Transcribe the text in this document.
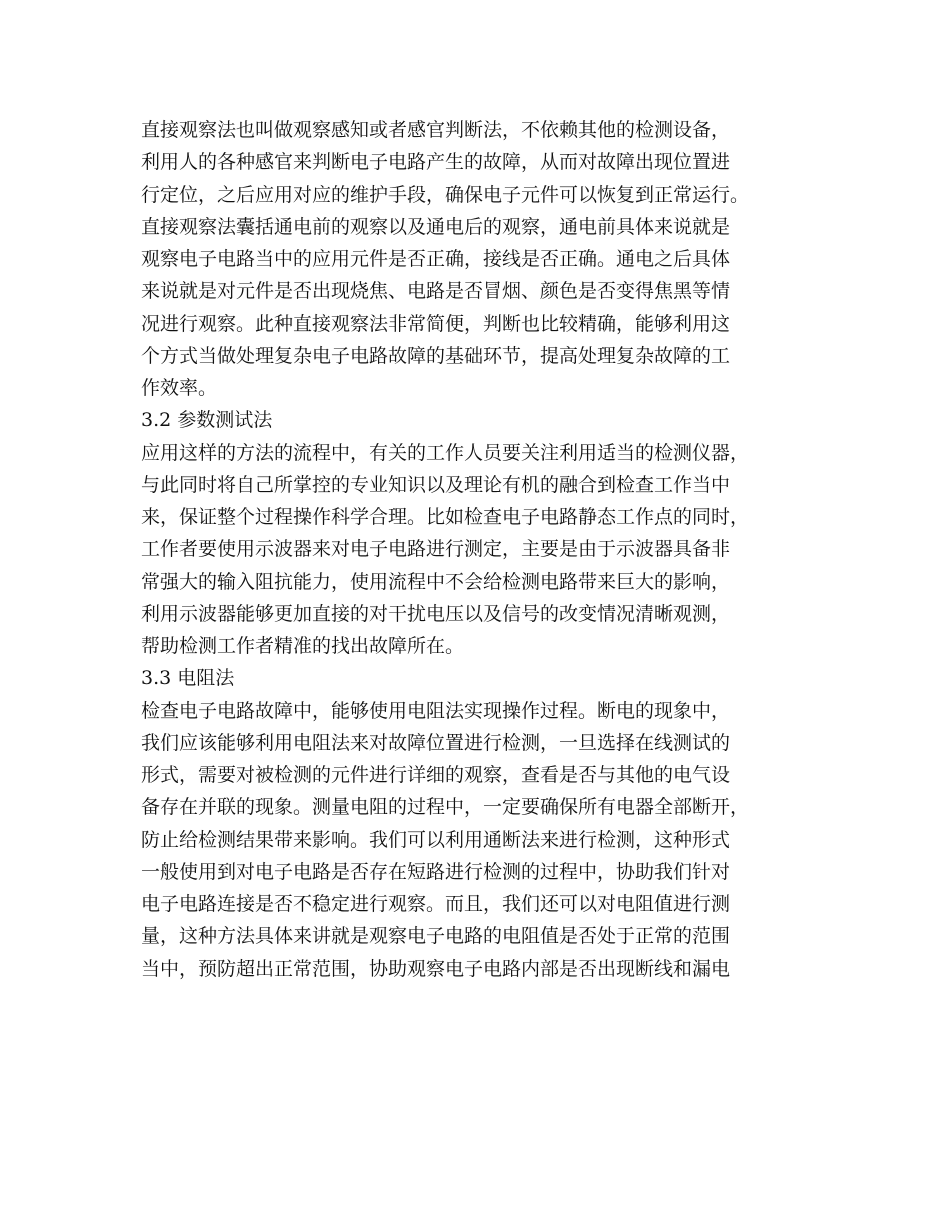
直接观察法也叫做观察感知或者感官判断法，不依赖其他的检测设备，
利用人的各种感官来判断电子电路产生的故障，从而对故障出现位置进
行定位，之后应用对应的维护手段，确保电子元件可以恢复到正常运行。
直接观察法囊括通电前的观察以及通电后的观察，通电前具体来说就是
观察电子电路当中的应用元件是否正确，接线是否正确。通电之后具体
来说就是对元件是否出现烧焦、电路是否冒烟、颜色是否变得焦黑等情
况进行观察。此种直接观察法非常简便，判断也比较精确，能够利用这
个方式当做处理复杂电子电路故障的基础环节，提高处理复杂故障的工
作效率。
3.2 参数测试法
应用这样的方法的流程中，有关的工作人员要关注利用适当的检测仪器，
与此同时将自己所掌控的专业知识以及理论有机的融合到检查工作当中
来，保证整个过程操作科学合理。比如检查电子电路静态工作点的同时，
工作者要使用示波器来对电子电路进行测定，主要是由于示波器具备非
常强大的输入阻抗能力，使用流程中不会给检测电路带来巨大的影响，
利用示波器能够更加直接的对干扰电压以及信号的改变情况清晰观测，
帮助检测工作者精准的找出故障所在。
3.3 电阻法
检查电子电路故障中，能够使用电阻法实现操作过程。断电的现象中，
我们应该能够利用电阻法来对故障位置进行检测，一旦选择在线测试的
形式，需要对被检测的元件进行详细的观察，查看是否与其他的电气设
备存在并联的现象。测量电阻的过程中，一定要确保所有电器全部断开，
防止给检测结果带来影响。我们可以利用通断法来进行检测，这种形式
一般使用到对电子电路是否存在短路进行检测的过程中，协助我们针对
电子电路连接是否不稳定进行观察。而且，我们还可以对电阻值进行测
量，这种方法具体来讲就是观察电子电路的电阻值是否处于正常的范围
当中，预防超出正常范围，协助观察电子电路内部是否出现断线和漏电
